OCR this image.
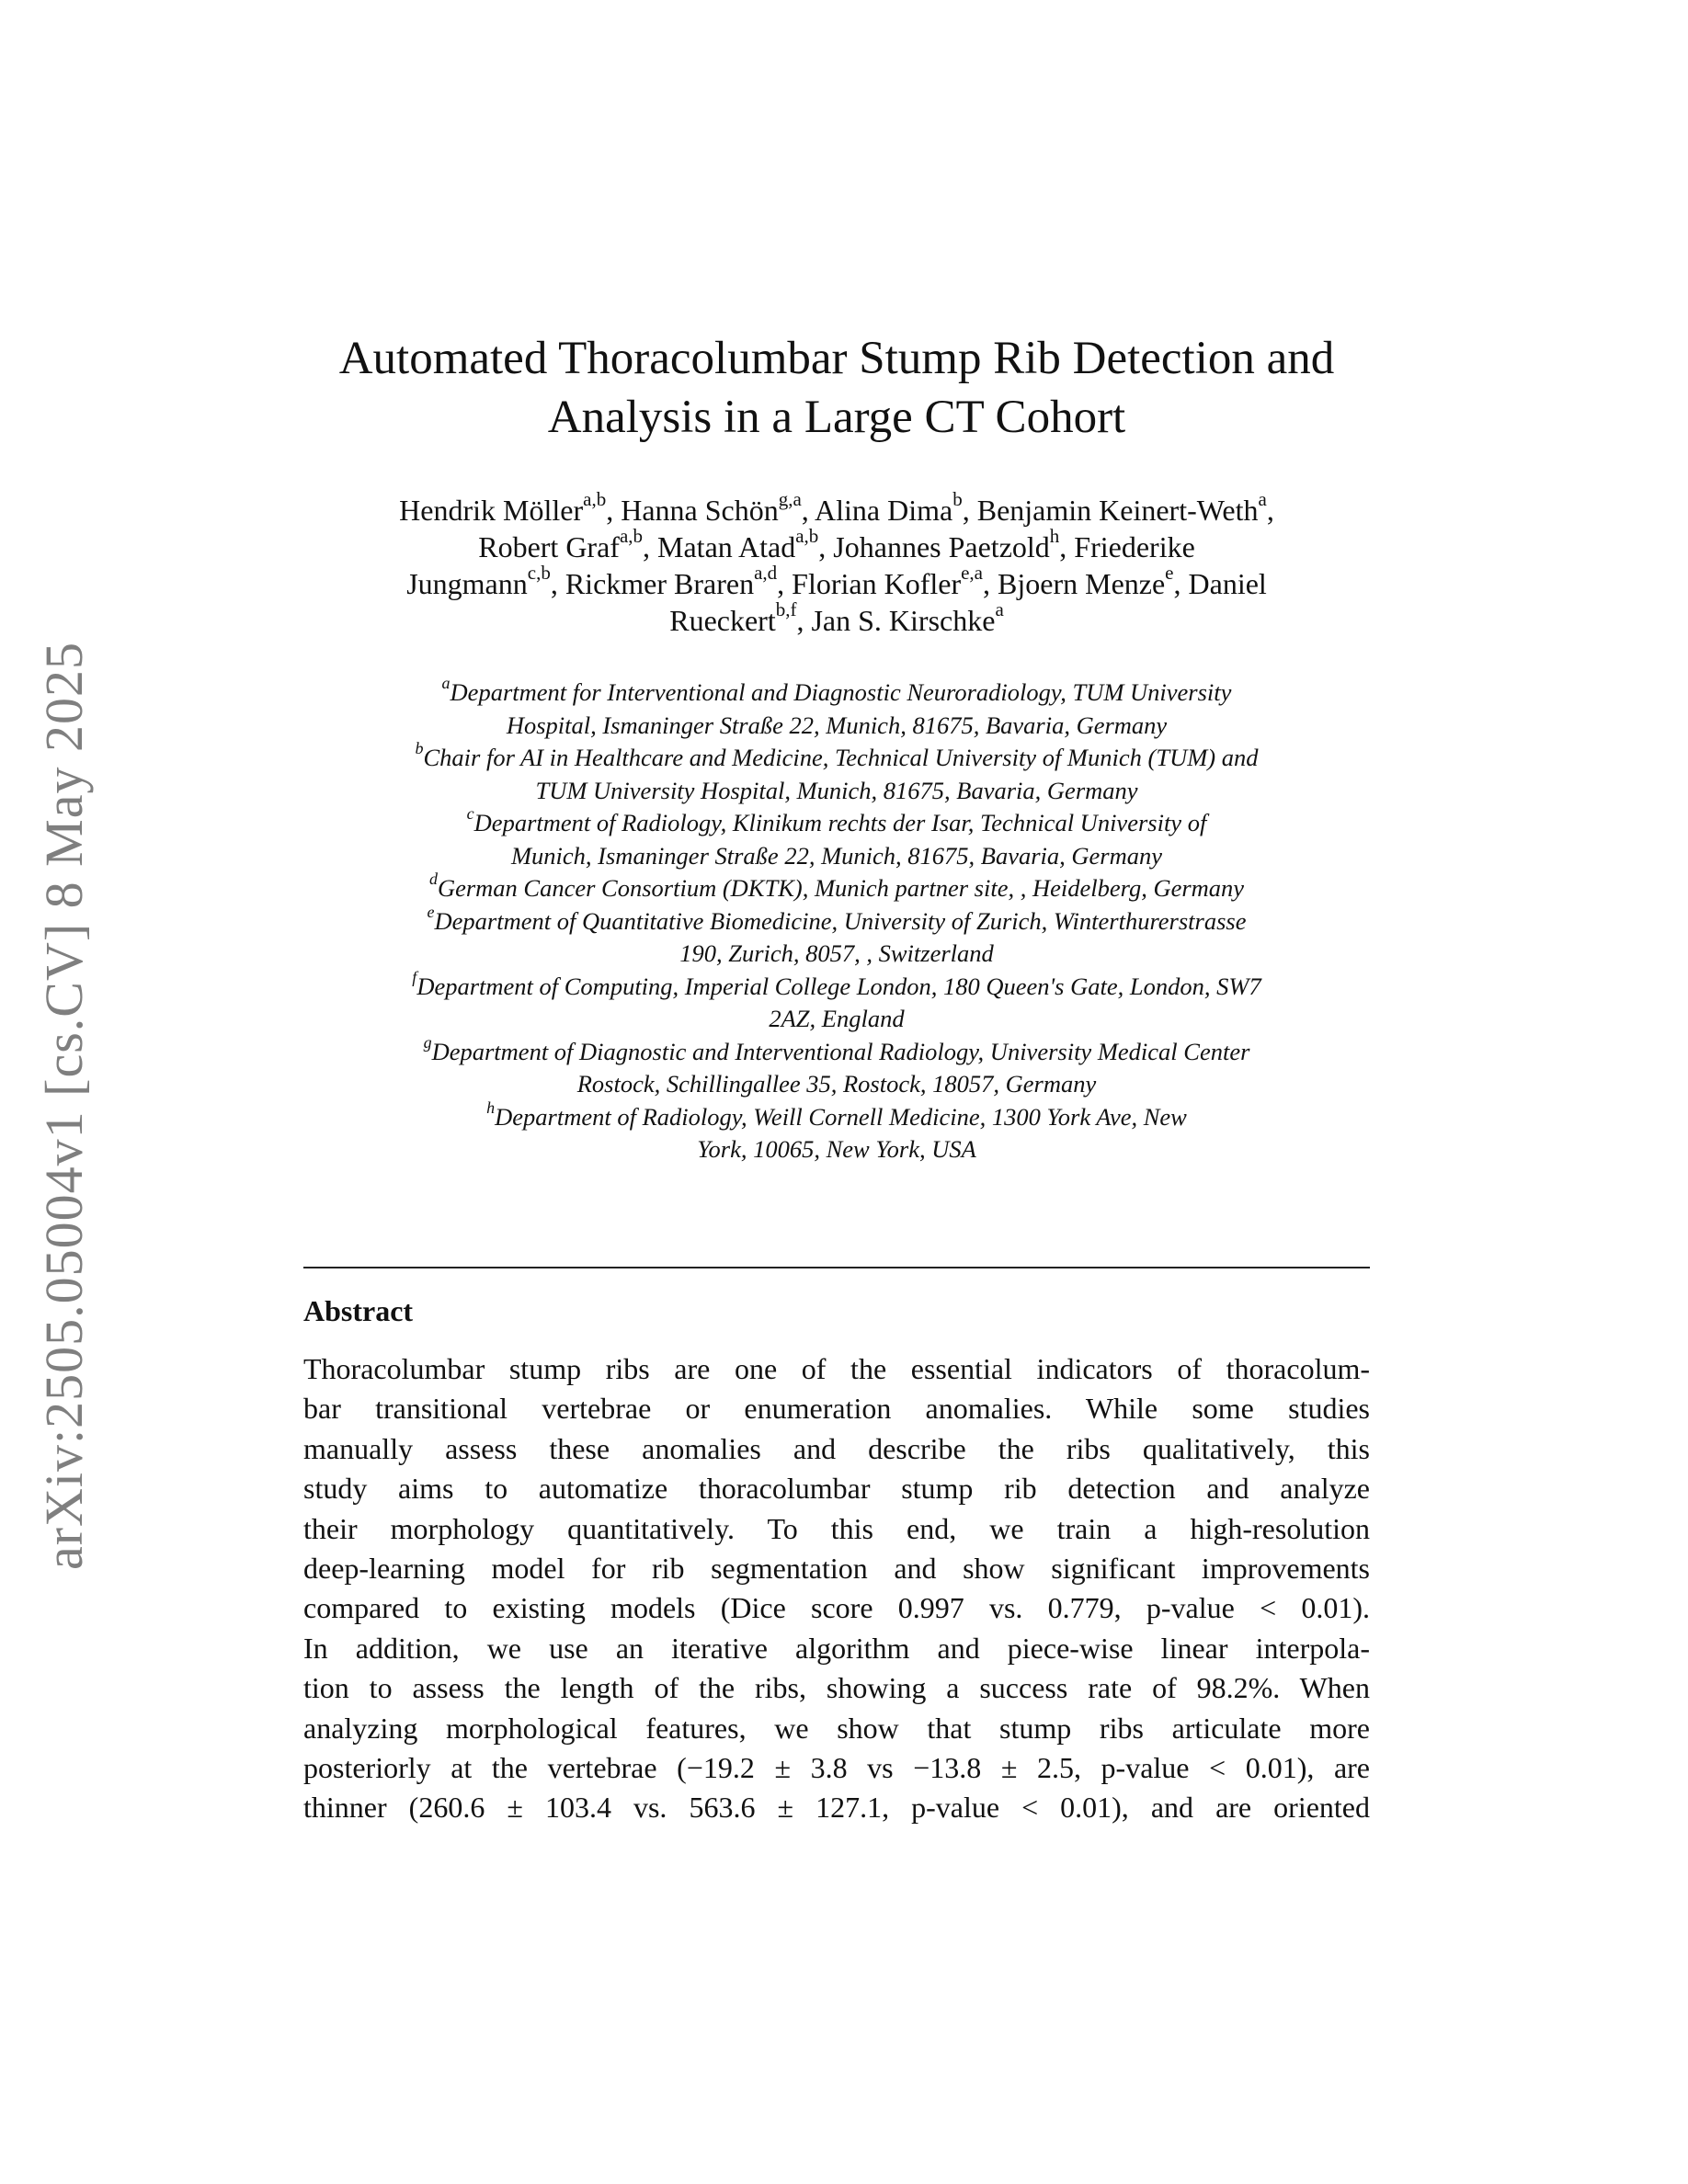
arXiv:2505.05004v1 [cs.CV] 8 May 2025
Automated Thoracolumbar Stump Rib Detection and
Analysis in a Large CT Cohort
Hendrik Möller$^{a,b}$, Hanna Schön$^{g,a}$, Alina Dima$^b$, Benjamin Keinert-Weth$^a$,
Robert Graf$^{a,b}$, Matan Atad$^{a,b}$, Johannes Paetzold$^h$, Friederike
Jungmann$^{c,b}$, Rickmer Braren$^{a,d}$, Florian Kofler$^{e,a}$, Bjoern Menze$^e$, Daniel
Rueckert$^{b,f}$, Jan S. Kirschke$^a$
$^a$Department for Interventional and Diagnostic Neuroradiology, TUM University
Hospital, Ismaninger Straße 22, Munich, 81675, Bavaria, Germany
$^b$Chair for AI in Healthcare and Medicine, Technical University of Munich (TUM) and
TUM University Hospital, Munich, 81675, Bavaria, Germany
$^c$Department of Radiology, Klinikum rechts der Isar, Technical University of
Munich, Ismaninger Straße 22, Munich, 81675, Bavaria, Germany
$^d$German Cancer Consortium (DKTK), Munich partner site, , Heidelberg, Germany
$^e$Department of Quantitative Biomedicine, University of Zurich, Winterthurerstrasse
190, Zurich, 8057, , Switzerland
$^f$Department of Computing, Imperial College London, 180 Queen's Gate, London, SW7
2AZ, England
$^g$Department of Diagnostic and Interventional Radiology, University Medical Center
Rostock, Schillingallee 35, Rostock, 18057, Germany
$^h$Department of Radiology, Weill Cornell Medicine, 1300 York Ave, New
York, 10065, New York, USA
Abstract
Thoracolumbar stump ribs are one of the essential indicators of thoracolum-
bar transitional vertebrae or enumeration anomalies. While some studies
manually assess these anomalies and describe the ribs qualitatively, this
study aims to automatize thoracolumbar stump rib detection and analyze
their morphology quantitatively. To this end, we train a high-resolution
deep-learning model for rib segmentation and show significant improvements
compared to existing models (Dice score 0.997 vs. 0.779, p-value < 0.01).
In addition, we use an iterative algorithm and piece-wise linear interpola-
tion to assess the length of the ribs, showing a success rate of 98.2%. When
analyzing morphological features, we show that stump ribs articulate more
posteriorly at the vertebrae (−19.2 ± 3.8 vs −13.8 ± 2.5, p-value < 0.01), are
thinner (260.6 ± 103.4 vs. 563.6 ± 127.1, p-value < 0.01), and are oriented
